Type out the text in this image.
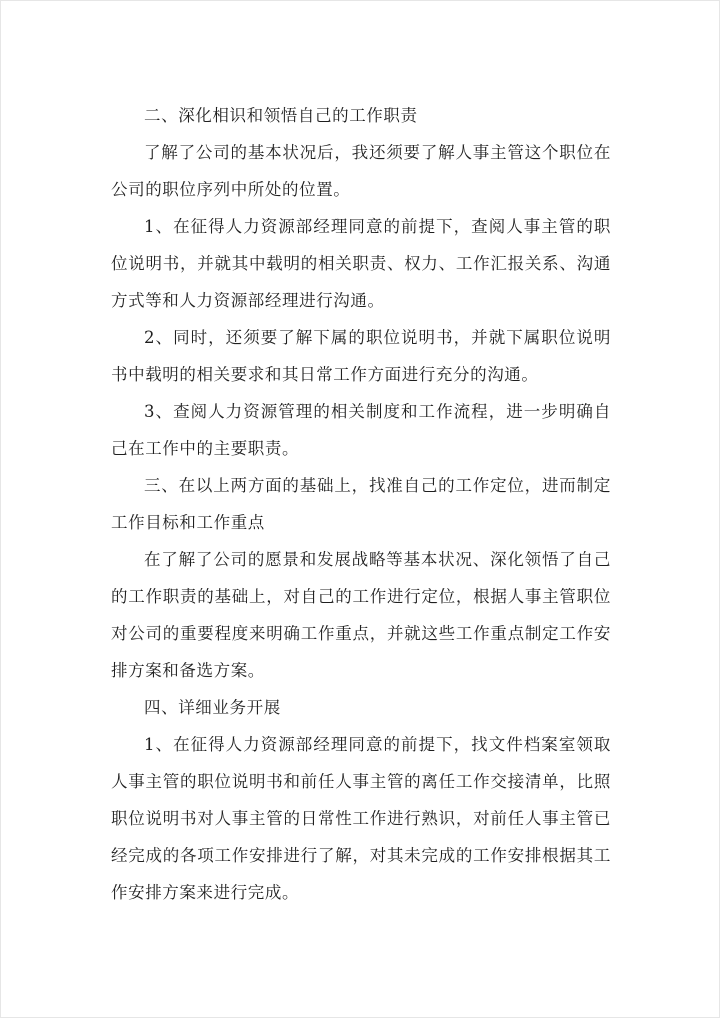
二、深化相识和领悟自己的工作职责

了解了公司的基本状况后，我还须要了解人事主管这个职位在公司的职位序列中所处的位置。

1、在征得人力资源部经理同意的前提下，查阅人事主管的职位说明书，并就其中载明的相关职责、权力、工作汇报关系、沟通方式等和人力资源部经理进行沟通。

2、同时，还须要了解下属的职位说明书，并就下属职位说明书中载明的相关要求和其日常工作方面进行充分的沟通。

3、查阅人力资源管理的相关制度和工作流程，进一步明确自己在工作中的主要职责。

三、在以上两方面的基础上，找准自己的工作定位，进而制定工作目标和工作重点

在了解了公司的愿景和发展战略等基本状况、深化领悟了自己的工作职责的基础上，对自己的工作进行定位，根据人事主管职位对公司的重要程度来明确工作重点，并就这些工作重点制定工作安排方案和备选方案。

四、详细业务开展

1、在征得人力资源部经理同意的前提下，找文件档案室领取人事主管的职位说明书和前任人事主管的离任工作交接清单，比照职位说明书对人事主管的日常性工作进行熟识，对前任人事主管已经完成的各项工作安排进行了解，对其未完成的工作安排根据其工作安排方案来进行完成。
